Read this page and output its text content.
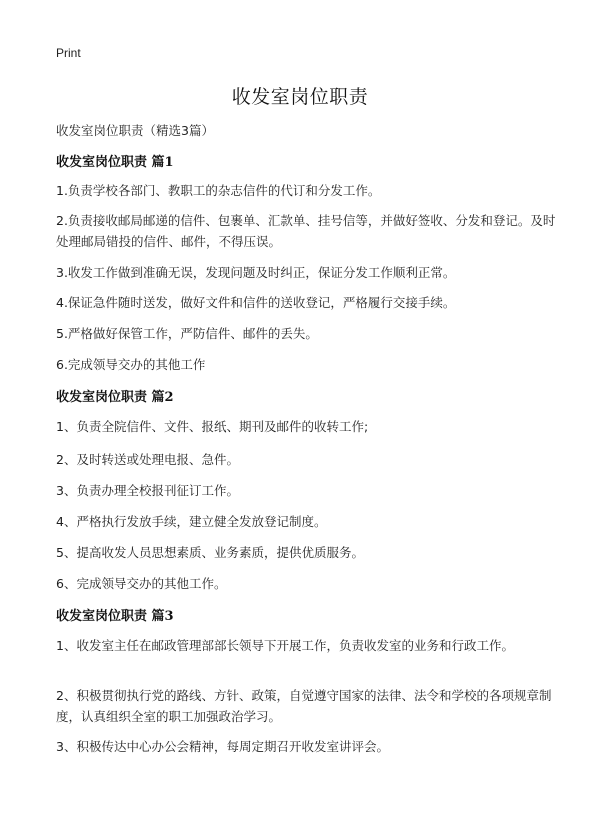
Print
收发室岗位职责
收发室岗位职责（精选3篇）
收发室岗位职责 篇1
1.负责学校各部门、教职工的杂志信件的代订和分发工作。
2.负责接收邮局邮递的信件、包裹单、汇款单、挂号信等，并做好签收、分发和登记。及时处理邮局错投的信件、邮件，不得压误。
3.收发工作做到准确无误，发现问题及时纠正，保证分发工作顺利正常。
4.保证急件随时送发，做好文件和信件的送收登记，严格履行交接手续。
5.严格做好保管工作，严防信件、邮件的丢失。
6.完成领导交办的其他工作
收发室岗位职责 篇2
1、负责全院信件、文件、报纸、期刊及邮件的收转工作;
2、及时转送或处理电报、急件。
3、负责办理全校报刊征订工作。
4、严格执行发放手续，建立健全发放登记制度。
5、提高收发人员思想素质、业务素质，提供优质服务。
6、完成领导交办的其他工作。
收发室岗位职责 篇3
1、收发室主任在邮政管理部部长领导下开展工作，负责收发室的业务和行政工作。
2、积极贯彻执行党的路线、方针、政策，自觉遵守国家的法律、法令和学校的各项规章制度，认真组织全室的职工加强政治学习。
3、积极传达中心办公会精神，每周定期召开收发室讲评会。
